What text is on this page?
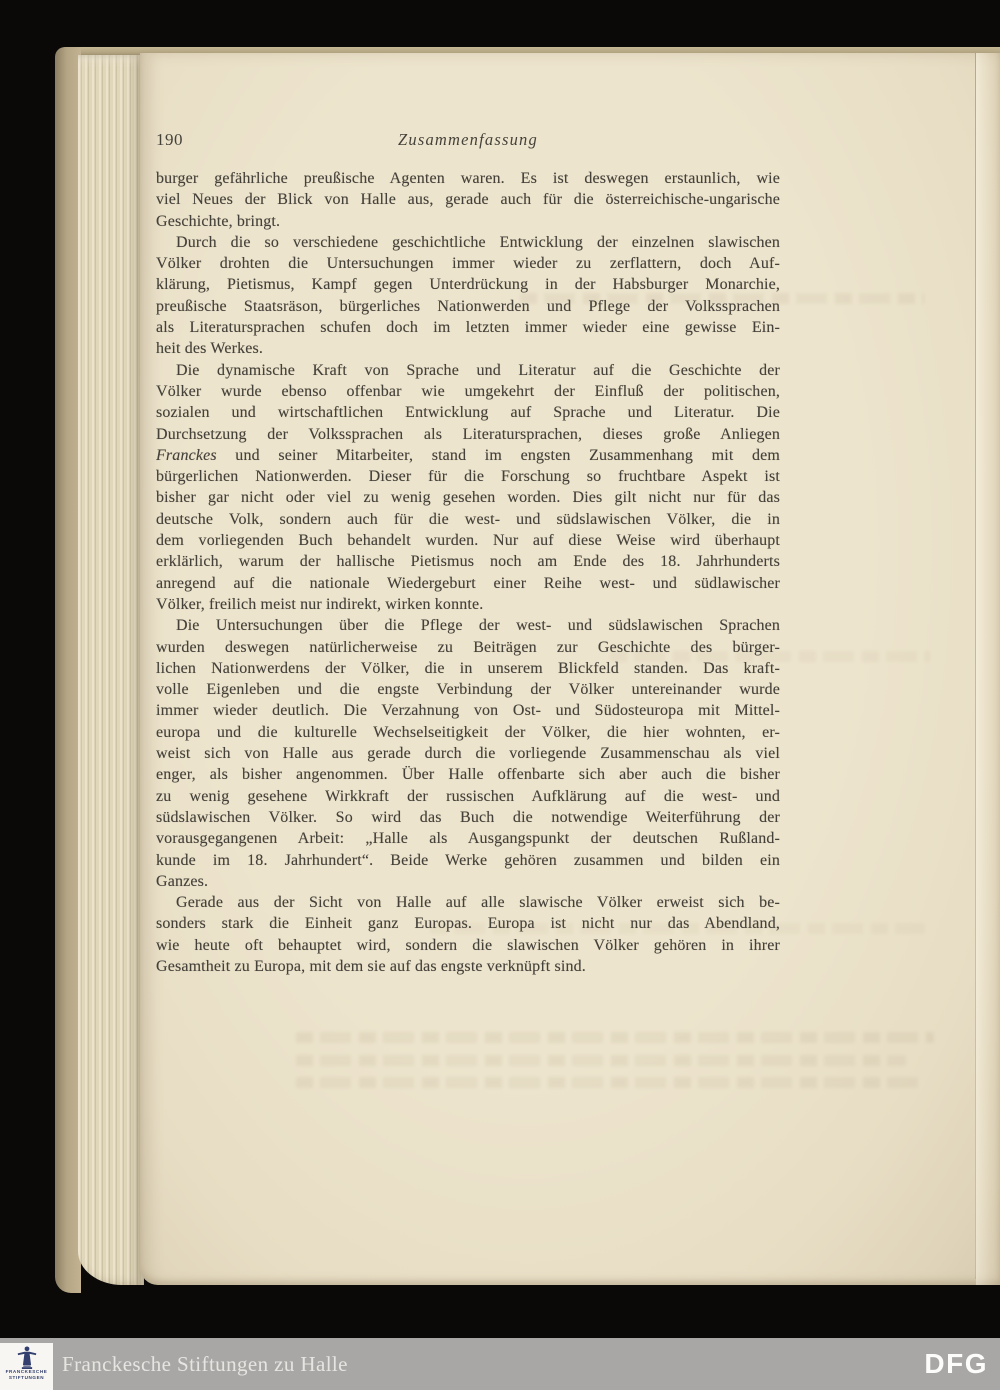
190	Zusammenfassung
burger gefährliche preußische Agenten waren. Es ist deswegen erstaunlich, wie
viel Neues der Blick von Halle aus, gerade auch für die österreichische-ungarische
Geschichte, bringt.
Durch die so verschiedene geschichtliche Entwicklung der einzelnen slawischen
Völker drohten die Untersuchungen immer wieder zu zerflattern, doch Auf-
klärung, Pietismus, Kampf gegen Unterdrückung in der Habsburger Monarchie,
preußische Staatsräson, bürgerliches Nationwerden und Pflege der Volkssprachen
als Literatursprachen schufen doch im letzten immer wieder eine gewisse Ein-
heit des Werkes.
Die dynamische Kraft von Sprache und Literatur auf die Geschichte der
Völker wurde ebenso offenbar wie umgekehrt der Einfluß der politischen,
sozialen und wirtschaftlichen Entwicklung auf Sprache und Literatur. Die
Durchsetzung der Volkssprachen als Literatursprachen, dieses große Anliegen
Franckes und seiner Mitarbeiter, stand im engsten Zusammenhang mit dem
bürgerlichen Nationwerden. Dieser für die Forschung so fruchtbare Aspekt ist
bisher gar nicht oder viel zu wenig gesehen worden. Dies gilt nicht nur für das
deutsche Volk, sondern auch für die west- und südslawischen Völker, die in
dem vorliegenden Buch behandelt wurden. Nur auf diese Weise wird überhaupt
erklärlich, warum der hallische Pietismus noch am Ende des 18. Jahrhunderts
anregend auf die nationale Wiedergeburt einer Reihe west- und südlawischer
Völker, freilich meist nur indirekt, wirken konnte.
Die Untersuchungen über die Pflege der west- und südslawischen Sprachen
wurden deswegen natürlicherweise zu Beiträgen zur Geschichte des bürger-
lichen Nationwerdens der Völker, die in unserem Blickfeld standen. Das kraft-
volle Eigenleben und die engste Verbindung der Völker untereinander wurde
immer wieder deutlich. Die Verzahnung von Ost- und Südosteuropa mit Mittel-
europa und die kulturelle Wechselseitigkeit der Völker, die hier wohnten, er-
weist sich von Halle aus gerade durch die vorliegende Zusammenschau als viel
enger, als bisher angenommen. Über Halle offenbarte sich aber auch die bisher
zu wenig gesehene Wirkkraft der russischen Aufklärung auf die west- und
südslawischen Völker. So wird das Buch die notwendige Weiterführung der
vorausgegangenen Arbeit: „Halle als Ausgangspunkt der deutschen Rußland-
kunde im 18. Jahrhundert“. Beide Werke gehören zusammen und bilden ein
Ganzes.
Gerade aus der Sicht von Halle auf alle slawische Völker erweist sich be-
sonders stark die Einheit ganz Europas. Europa ist nicht nur das Abendland,
wie heute oft behauptet wird, sondern die slawischen Völker gehören in ihrer
Gesamtheit zu Europa, mit dem sie auf das engste verknüpft sind.
FRANCKESCHE
STIFTUNGEN
Franckesche Stiftungen zu Halle	DFG
